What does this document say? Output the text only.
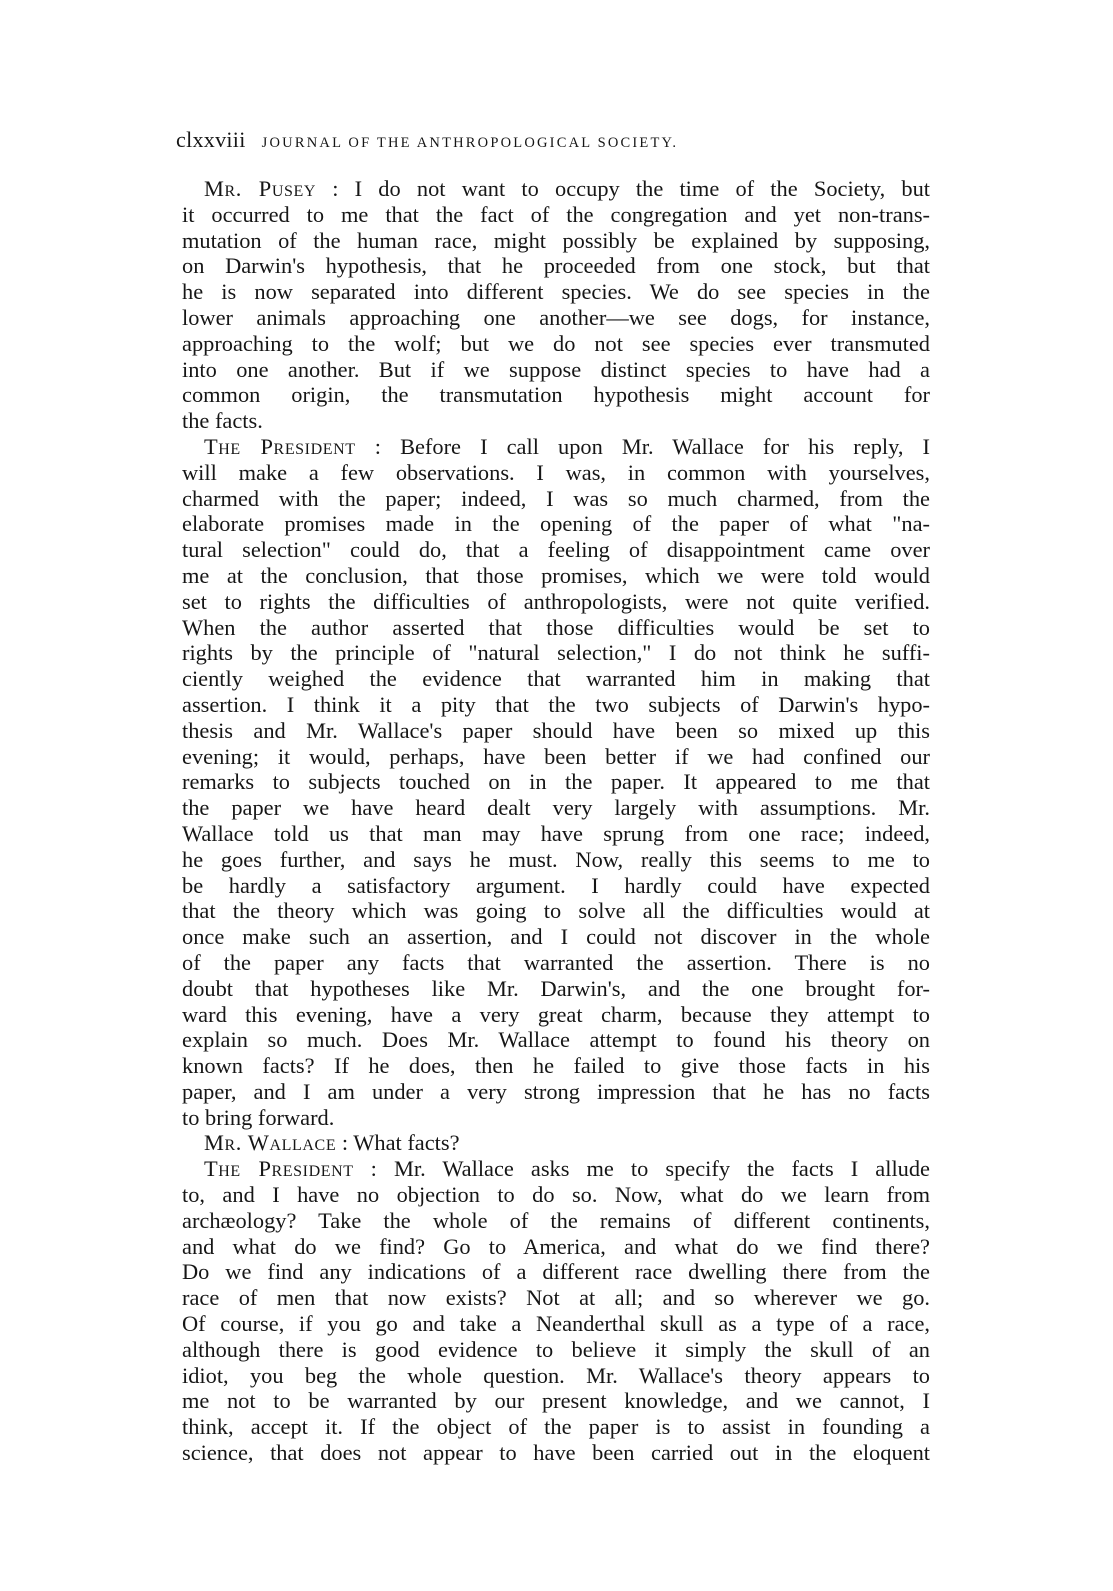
clxxviii JOURNAL OF THE ANTHROPOLOGICAL SOCIETY.
Mr. Pusey : I do not want to occupy the time of the Society, but
it occurred to me that the fact of the congregation and yet non-trans-
mutation of the human race, might possibly be explained by supposing,
on Darwin's hypothesis, that he proceeded from one stock, but that
he is now separated into different species. We do see species in the
lower animals approaching one another—we see dogs, for instance,
approaching to the wolf; but we do not see species ever transmuted
into one another. But if we suppose distinct species to have had a
common origin, the transmutation hypothesis might account for
the facts.
The President : Before I call upon Mr. Wallace for his reply, I
will make a few observations. I was, in common with yourselves,
charmed with the paper; indeed, I was so much charmed, from the
elaborate promises made in the opening of the paper of what "na-
tural selection" could do, that a feeling of disappointment came over
me at the conclusion, that those promises, which we were told would
set to rights the difficulties of anthropologists, were not quite verified.
When the author asserted that those difficulties would be set to
rights by the principle of "natural selection," I do not think he suffi-
ciently weighed the evidence that warranted him in making that
assertion. I think it a pity that the two subjects of Darwin's hypo-
thesis and Mr. Wallace's paper should have been so mixed up this
evening; it would, perhaps, have been better if we had confined our
remarks to subjects touched on in the paper. It appeared to me that
the paper we have heard dealt very largely with assumptions. Mr.
Wallace told us that man may have sprung from one race; indeed,
he goes further, and says he must. Now, really this seems to me to
be hardly a satisfactory argument. I hardly could have expected
that the theory which was going to solve all the difficulties would at
once make such an assertion, and I could not discover in the whole
of the paper any facts that warranted the assertion. There is no
doubt that hypotheses like Mr. Darwin's, and the one brought for-
ward this evening, have a very great charm, because they attempt to
explain so much. Does Mr. Wallace attempt to found his theory on
known facts? If he does, then he failed to give those facts in his
paper, and I am under a very strong impression that he has no facts
to bring forward.
Mr. Wallace : What facts?
The President : Mr. Wallace asks me to specify the facts I allude
to, and I have no objection to do so. Now, what do we learn from
archæology? Take the whole of the remains of different continents,
and what do we find? Go to America, and what do we find there?
Do we find any indications of a different race dwelling there from the
race of men that now exists? Not at all; and so wherever we go.
Of course, if you go and take a Neanderthal skull as a type of a race,
although there is good evidence to believe it simply the skull of an
idiot, you beg the whole question. Mr. Wallace's theory appears to
me not to be warranted by our present knowledge, and we cannot, I
think, accept it. If the object of the paper is to assist in founding a
science, that does not appear to have been carried out in the eloquent
